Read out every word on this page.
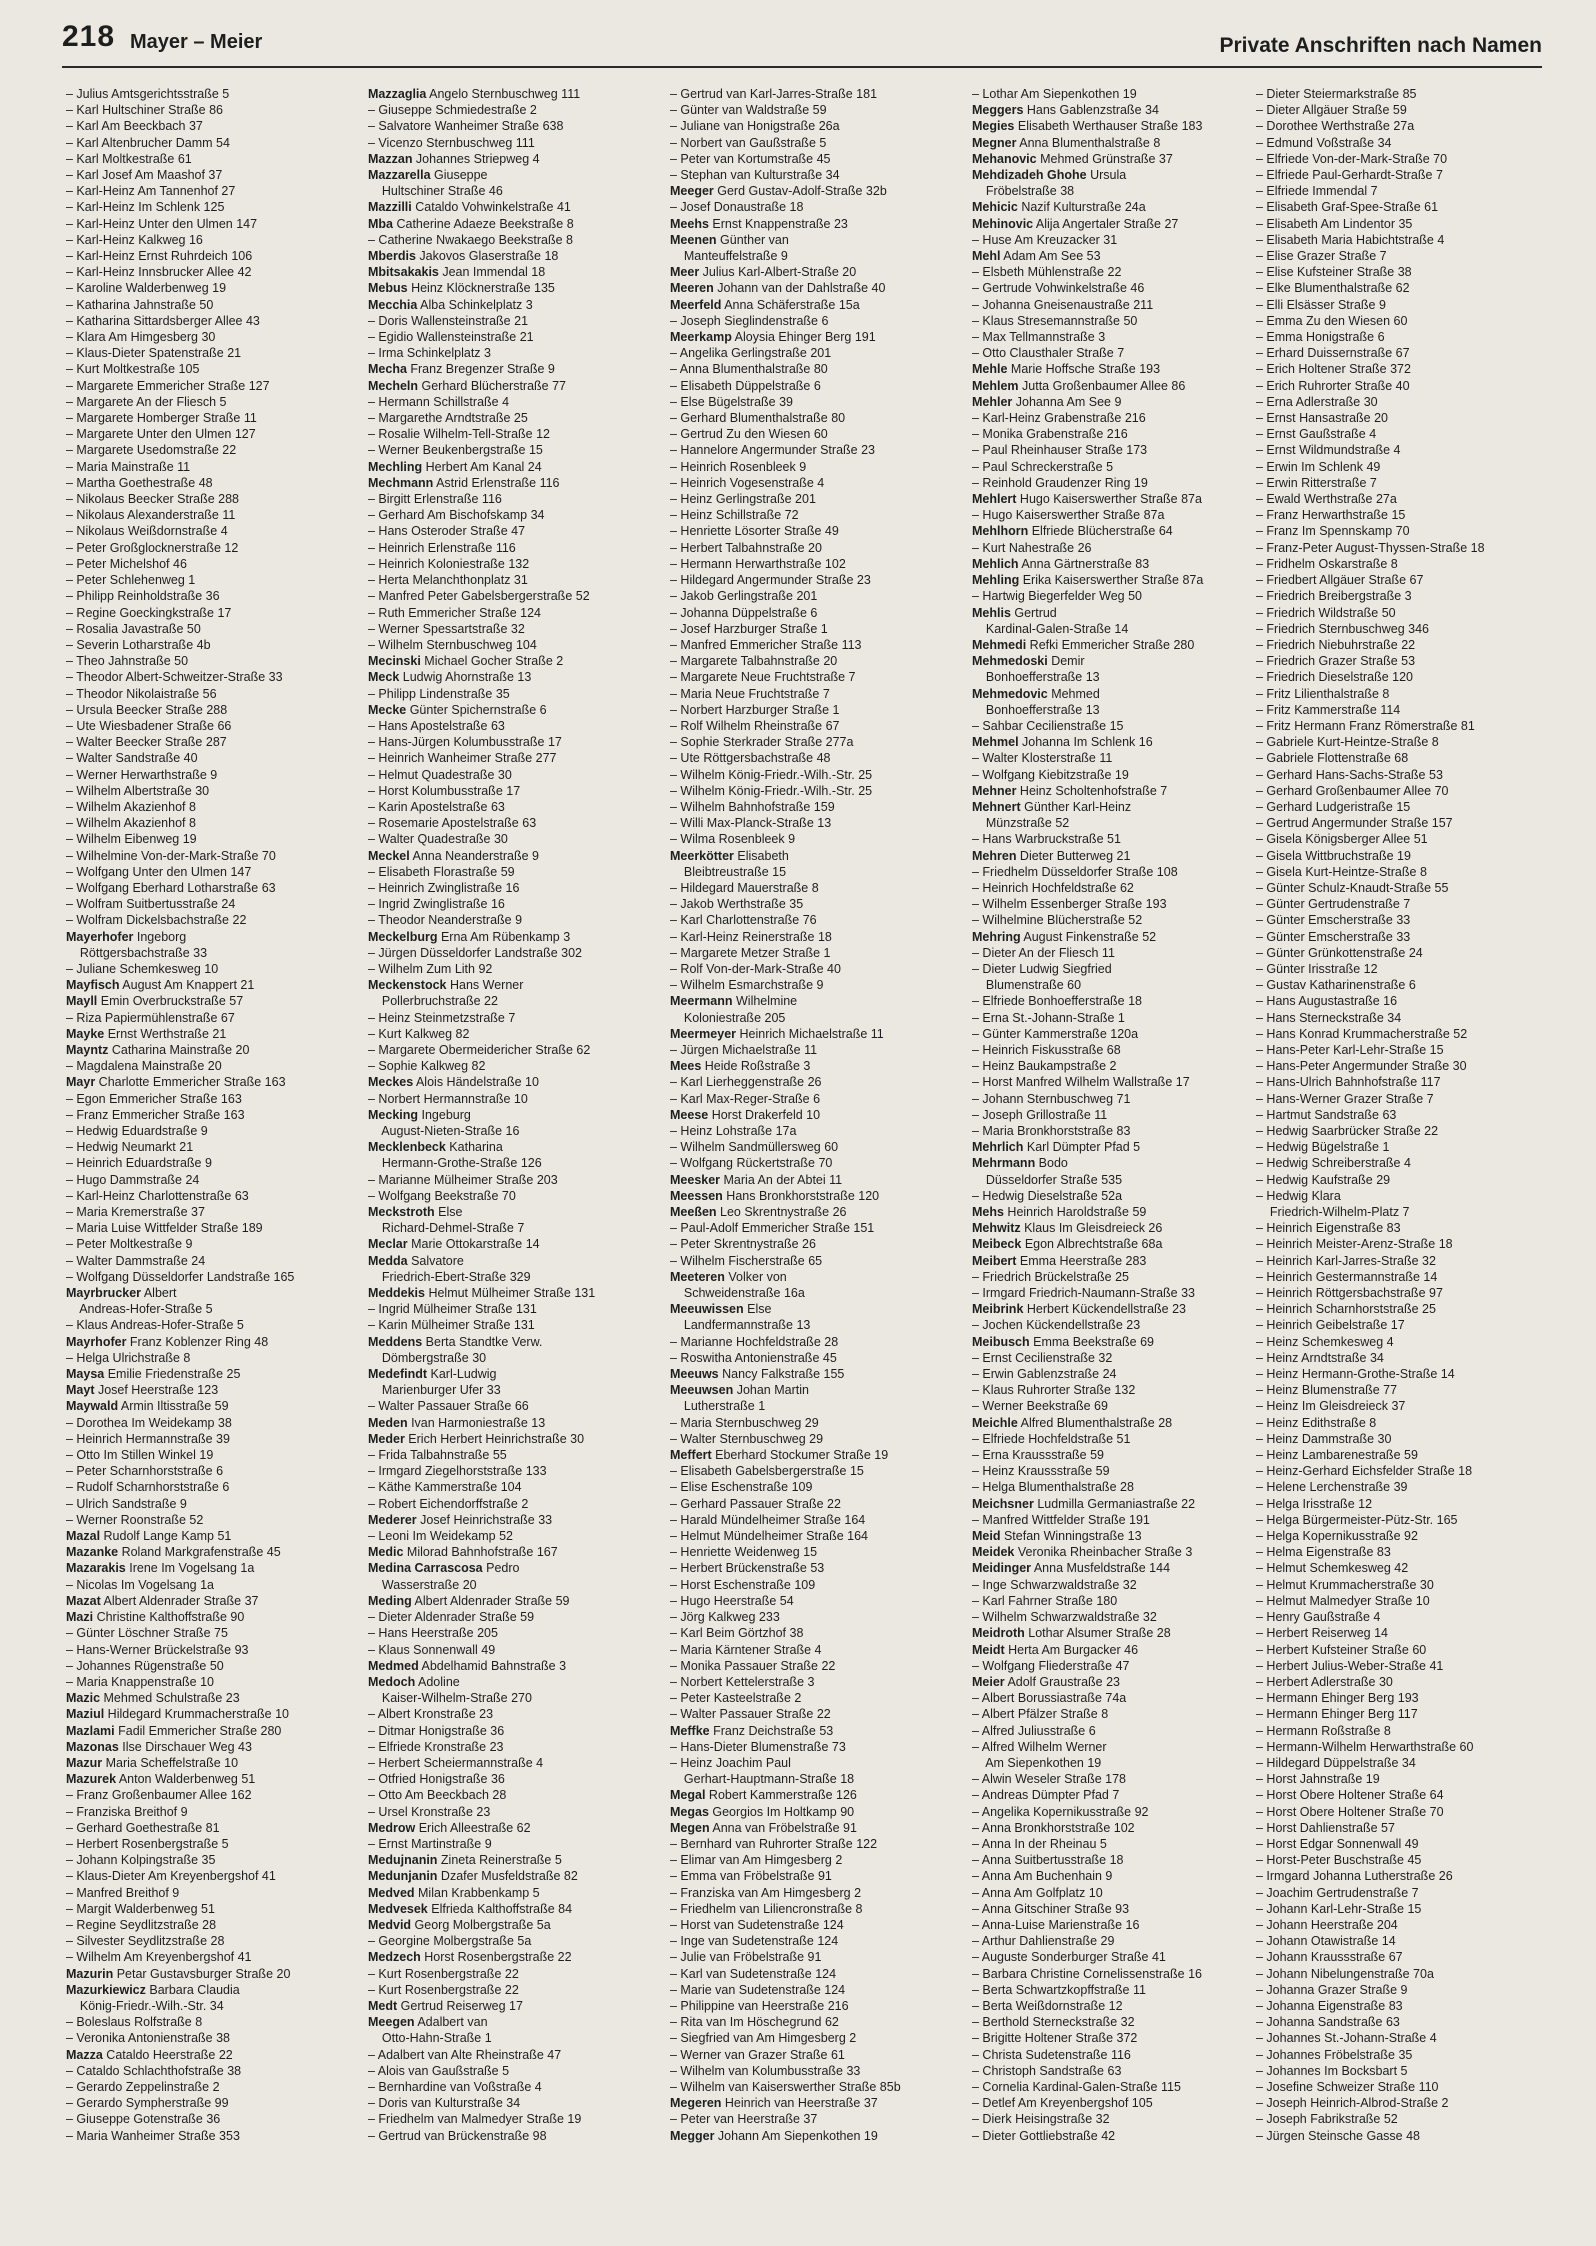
218 Mayer – Meier	Private Anschriften nach Namen
– Julius Amtsgerichtsstraße 5
– Karl Hultschiner Straße 86
– Karl Am Beeckbach 37
– Karl Altenbrucher Damm 54
– Karl Moltkestraße 61
– Karl Josef Am Maashof 37
– Karl-Heinz Am Tannenhof 27
– Karl-Heinz Im Schlenk 125
– Karl-Heinz Unter den Ulmen 147
– Karl-Heinz Kalkweg 16
– Karl-Heinz Ernst Ruhrdeich 106
– Karl-Heinz Innsbrucker Allee 42
– Karoline Walderbenweg 19
– Katharina Jahnstraße 50
– Katharina Sittardsberger Allee 43
– Klara Am Himgesberg 30
– Klaus-Dieter Spatenstraße 21
– Kurt Moltkestraße 105
– Margarete Emmericher Straße 127
– Margarete An der Fliesch 5
– Margarete Homberger Straße 11
– Margarete Unter den Ulmen 127
– Margarete Usedomstraße 22
– Maria Mainstraße 11
– Martha Goethestraße 48
– Nikolaus Beecker Straße 288
– Nikolaus Alexanderstraße 11
– Nikolaus Weißdornstraße 4
– Peter Großglocknerstraße 12
– Peter Michelshof 46
– Peter Schlehenweg 1
– Philipp Reinholdstraße 36
– Regine Goeckingkstraße 17
– Rosalia Javastraße 50
– Severin Lotharstraße 4b
– Theo Jahnstraße 50
– Theodor Albert-Schweitzer-Straße 33
– Theodor Nikolaistraße 56
– Ursula Beecker Straße 288
– Ute Wiesbadener Straße 66
– Walter Beecker Straße 287
– Walter Sandstraße 40
– Werner Herwarthstraße 9
– Wilhelm Albertstraße 30
– Wilhelm Akazienhof 8
– Wilhelm Akazienhof 8
– Wilhelm Eibenweg 19
– Wilhelmine Von-der-Mark-Straße 70
– Wolfgang Unter den Ulmen 147
– Wolfgang Eberhard Lotharstraße 63
– Wolfram Suitbertusstraße 24
– Wolfram Dickelsbachstraße 22
Mayerhofer Ingeborg
Röttgersbachstraße 33
– Juliane Schemkesweg 10
Mayfisch August Am Knappert 21
Mayll Emin Overbruckstraße 57
– Riza Papiermühlenstraße 67
Mayke Ernst Werthstraße 21
Mayntz Catharina Mainstraße 20
– Magdalena Mainstraße 20
Mayr Charlotte Emmericher Straße 163
– Egon Emmericher Straße 163
– Franz Emmericher Straße 163
– Hedwig Eduardstraße 9
– Hedwig Neumarkt 21
– Heinrich Eduardstraße 9
– Hugo Dammstraße 24
– Karl-Heinz Charlottenstraße 63
– Maria Kremerstraße 37
– Maria Luise Wittfelder Straße 189
– Peter Moltkestraße 9
– Walter Dammstraße 24
– Wolfgang Düsseldorfer Landstraße 165
Mayrbrucker Albert
Andreas-Hofer-Straße 5
– Klaus Andreas-Hofer-Straße 5
Mayrhofer Franz Koblenzer Ring 48
– Helga Ulrichstraße 8
Maysa Emilie Friedenstraße 25
Mayt Josef Heerstraße 123
Maywald Armin Iltisstraße 59
– Dorothea Im Weidekamp 38
– Heinrich Hermannstraße 39
– Otto Im Stillen Winkel 19
– Peter Scharnhorststraße 6
– Rudolf Scharnhorststraße 6
– Ulrich Sandstraße 9
– Werner Roonstraße 52
Mazal Rudolf Lange Kamp 51
Mazanke Roland Markgrafenstraße 45
Mazarakis Irene Im Vogelsang 1a
– Nicolas Im Vogelsang 1a
Mazat Albert Aldenrader Straße 37
Mazi Christine Kalthoffstraße 90
– Günter Löschner Straße 75
– Hans-Werner Brückelstraße 93
– Johannes Rügenstraße 50
– Maria Knappenstraße 10
Mazic Mehmed Schulstraße 23
Maziul Hildegard Krummacherstraße 10
Mazlami Fadil Emmericher Straße 280
Mazonas Ilse Dirschauer Weg 43
Mazur Maria Scheffelstraße 10
Mazurek Anton Walderbenweg 51
– Franz Großenbaumer Allee 162
– Franziska Breithof 9
– Gerhard Goethestraße 81
– Herbert Rosenbergstraße 5
– Johann Kolpingstraße 35
– Klaus-Dieter Am Kreyenbergshof 41
– Manfred Breithof 9
– Margit Walderbenweg 51
– Regine Seydlitzstraße 28
– Silvester Seydlitzstraße 28
– Wilhelm Am Kreyenbergshof 41
Mazurin Petar Gustavsburger Straße 20
Mazurkiewicz Barbara Claudia
König-Friedr.-Wilh.-Str. 34
– Boleslaus Rolfstraße 8
– Veronika Antonienstraße 38
Mazza Cataldo Heerstraße 22
– Cataldo Schlachthofstraße 38
– Gerardo Zeppelinstraße 2
– Gerardo Sympherstraße 99
– Giuseppe Gotenstraße 36
– Maria Wanheimer Straße 353
Mazzaglia Angelo Sternbuschweg 111
– Giuseppe Schmiedestraße 2
– Salvatore Wanheimer Straße 638
– Vicenzo Sternbuschweg 111
Mazzan Johannes Striepweg 4
Mazzarella Giuseppe
Hultschiner Straße 46
Mazzilli Cataldo Vohwinkelstraße 41
Mba Catherine Adaeze Beekstraße 8
– Catherine Nwakaego Beekstraße 8
Mberdis Jakovos Glaserstraße 18
Mbitsakakis Jean Immendal 18
Mebus Heinz Klöcknerstraße 135
Mecchia Alba Schinkelplatz 3
– Doris Wallensteinstraße 21
– Egidio Wallensteinstraße 21
– Irma Schinkelplatz 3
Mecha Franz Bregenzer Straße 9
Mecheln Gerhard Blücherstraße 77
– Hermann Schillstraße 4
– Margarethe Arndtstraße 25
– Rosalie Wilhelm-Tell-Straße 12
– Werner Beukenbergstraße 15
Mechling Herbert Am Kanal 24
Mechmann Astrid Erlenstraße 116
– Birgitt Erlenstraße 116
– Gerhard Am Bischofskamp 34
– Hans Osteroder Straße 47
– Heinrich Erlenstraße 116
– Heinrich Koloniestraße 132
– Herta Melanchthonplatz 31
– Manfred Peter Gabelsbergerstraße 52
– Ruth Emmericher Straße 124
– Werner Spessartstraße 32
– Wilhelm Sternbuschweg 104
Mecinski Michael Gocher Straße 2
Meck Ludwig Ahornstraße 13
– Philipp Lindenstraße 35
Mecke Günter Spichernstraße 6
– Hans Apostelstraße 63
– Hans-Jürgen Kolumbusstraße 17
– Heinrich Wanheimer Straße 277
– Helmut Quadestraße 30
– Horst Kolumbusstraße 17
– Karin Apostelstraße 63
– Rosemarie Apostelstraße 63
– Walter Quadestraße 30
Meckel Anna Neanderstraße 9
– Elisabeth Florastraße 59
– Heinrich Zwinglistraße 16
– Ingrid Zwinglistraße 16
– Theodor Neanderstraße 9
Meckelburg Erna Am Rübenkamp 3
– Jürgen Düsseldorfer Landstraße 302
– Wilhelm Zum Lith 92
Meckenstock Hans Werner
Pollerbruchstraße 22
– Heinz Steinmetzstraße 7
– Kurt Kalkweg 82
– Margarete Obermeidericher Straße 62
– Sophie Kalkweg 82
Meckes Alois Händelstraße 10
– Norbert Hermannstraße 10
Mecking Ingeburg
August-Nieten-Straße 16
Mecklenbeck Katharina
Hermann-Grothe-Straße 126
– Marianne Mülheimer Straße 203
– Wolfgang Beekstraße 70
Meckstroth Else
Richard-Dehmel-Straße 7
Meclar Marie Ottokarstraße 14
Medda Salvatore
Friedrich-Ebert-Straße 329
Meddekis Helmut Mülheimer Straße 131
– Ingrid Mülheimer Straße 131
– Karin Mülheimer Straße 131
Meddens Berta Standtke Verw.
Dömbergstraße 30
Medefindt Karl-Ludwig
Marienburger Ufer 33
– Walter Passauer Straße 66
Meden Ivan Harmoniestraße 13
Meder Erich Herbert Heinrichstraße 30
– Frida Talbahnstraße 55
– Irmgard Ziegelhorststraße 133
– Käthe Kammerstraße 104
– Robert Eichendorffstraße 2
Mederer Josef Heinrichstraße 33
– Leoni Im Weidekamp 52
Medic Milorad Bahnhofstraße 167
Medina Carrascosa Pedro
Wasserstraße 20
Meding Albert Aldenrader Straße 59
– Dieter Aldenrader Straße 59
– Hans Heerstraße 205
– Klaus Sonnenwall 49
Medmed Abdelhamid Bahnstraße 3
Medoch Adoline
Kaiser-Wilhelm-Straße 270
– Albert Kronstraße 23
– Ditmar Honigstraße 36
– Elfriede Kronstraße 23
– Herbert Scheiermannstraße 4
– Otfried Honigstraße 36
– Otto Am Beeckbach 28
– Ursel Kronstraße 23
Medrow Erich Alleestraße 62
– Ernst Martinstraße 9
Medujnanin Zineta Reinerstraße 5
Medunjanin Dzafer Musfeldstraße 82
Medved Milan Krabbenkamp 5
Medvesek Elfrieda Kalthoffstraße 84
Medvid Georg Molbergstraße 5a
– Georgine Molbergstraße 5a
Medzech Horst Rosenbergstraße 22
– Kurt Rosenbergstraße 22
– Kurt Rosenbergstraße 22
Medt Gertrud Reiserweg 17
Meegen Adalbert van
Otto-Hahn-Straße 1
– Adalbert van Alte Rheinstraße 47
– Alois van Gaußstraße 5
– Bernhardine van Voßstraße 4
– Doris van Kulturstraße 34
– Friedhelm van Malmedyer Straße 19
– Gertrud van Brückenstraße 98
– Gertrud van Karl-Jarres-Straße 181
– Günter van Waldstraße 59
– Juliane van Honigstraße 26a
– Norbert van Gaußstraße 5
– Peter van Kortumstraße 45
– Stephan van Kulturstraße 34
Meeger Gerd Gustav-Adolf-Straße 32b
– Josef Donaustraße 18
Meehs Ernst Knappenstraße 23
Meenen Günther van
Manteuffelstraße 9
Meer Julius Karl-Albert-Straße 20
Meeren Johann van der Dahlstraße 40
Meerfeld Anna Schäferstraße 15a
– Joseph Sieglindenstraße 6
Meerkamp Aloysia Ehinger Berg 191
– Angelika Gerlingstraße 201
– Anna Blumenthalstraße 80
– Elisabeth Düppelstraße 6
– Else Bügelstraße 39
– Gerhard Blumenthalstraße 80
– Gertrud Zu den Wiesen 60
– Hannelore Angermunder Straße 23
– Heinrich Rosenbleek 9
– Heinrich Vogesenstraße 4
– Heinz Gerlingstraße 201
– Heinz Schillstraße 72
– Henriette Lösorter Straße 49
– Herbert Talbahnstraße 20
– Hermann Herwarthstraße 102
– Hildegard Angermunder Straße 23
– Jakob Gerlingstraße 201
– Johanna Düppelstraße 6
– Josef Harzburger Straße 1
– Manfred Emmericher Straße 113
– Margarete Talbahnstraße 20
– Margarete Neue Fruchtstraße 7
– Maria Neue Fruchtstraße 7
– Norbert Harzburger Straße 1
– Rolf Wilhelm Rheinstraße 67
– Sophie Sterkrader Straße 277a
– Ute Röttgersbachstraße 48
– Wilhelm König-Friedr.-Wilh.-Str. 25
– Wilhelm König-Friedr.-Wilh.-Str. 25
– Wilhelm Bahnhofstraße 159
– Willi Max-Planck-Straße 13
– Wilma Rosenbleek 9
Meerkötter Elisabeth
Bleibtreustraße 15
– Hildegard Mauerstraße 8
– Jakob Werthstraße 35
– Karl Charlottenstraße 76
– Karl-Heinz Reinerstraße 18
– Margarete Metzer Straße 1
– Rolf Von-der-Mark-Straße 40
– Wilhelm Esmarchstraße 9
Meermann Wilhelmine
Koloniestraße 205
Meermeyer Heinrich Michaelstraße 11
– Jürgen Michaelstraße 11
Mees Heide Roßstraße 3
– Karl Lierheggenstraße 26
– Karl Max-Reger-Straße 6
Meese Horst Drakerfeld 10
– Heinz Lohstraße 17a
– Wilhelm Sandmüllersweg 60
– Wolfgang Rückertstraße 70
Meesker Maria An der Abtei 11
Meessen Hans Bronkhorststraße 120
Meeßen Leo Skrentnystraße 26
– Paul-Adolf Emmericher Straße 151
– Peter Skrentnystraße 26
– Wilhelm Fischerstraße 65
Meeteren Volker von
Schweidenstraße 16a
Meeuwissen Else
Landfermannstraße 13
– Marianne Hochfeldstraße 28
– Roswitha Antonienstraße 45
Meeuws Nancy Falkstraße 155
Meeuwsen Johan Martin
Lutherstraße 1
– Maria Sternbuschweg 29
– Walter Sternbuschweg 29
Meffert Eberhard Stockumer Straße 19
– Elisabeth Gabelsbergerstraße 15
– Elise Eschenstraße 109
– Gerhard Passauer Straße 22
– Harald Mündelheimer Straße 164
– Helmut Mündelheimer Straße 164
– Henriette Weidenweg 15
– Herbert Brückenstraße 53
– Horst Eschenstraße 109
– Hugo Heerstraße 54
– Jörg Kalkweg 233
– Karl Beim Görtzhof 38
– Maria Kärntener Straße 4
– Monika Passauer Straße 22
– Norbert Kettelerstraße 3
– Peter Kasteelstraße 2
– Walter Passauer Straße 22
Meffke Franz Deichstraße 53
– Hans-Dieter Blumenstraße 73
– Heinz Joachim Paul
Gerhart-Hauptmann-Straße 18
Megal Robert Kammerstraße 126
Megas Georgios Im Holtkamp 90
Megen Anna van Fröbelstraße 91
– Bernhard van Ruhrorter Straße 122
– Elimar van Am Himgesberg 2
– Emma van Fröbelstraße 91
– Franziska van Am Himgesberg 2
– Friedhelm van Liliencronstraße 8
– Horst van Sudetenstraße 124
– Inge van Sudetenstraße 124
– Julie van Fröbelstraße 91
– Karl van Sudetenstraße 124
– Marie van Sudetenstraße 124
– Philippine van Heerstraße 216
– Rita van Im Höschegrund 62
– Siegfried van Am Himgesberg 2
– Werner van Grazer Straße 61
– Wilhelm van Kolumbusstraße 33
– Wilhelm van Kaiserswerther Straße 85b
Megeren Heinrich van Heerstraße 37
– Peter van Heerstraße 37
Megger Johann Am Siepenkothen 19
– Lothar Am Siepenkothen 19
Meggers Hans Gablenzstraße 34
Megies Elisabeth Werthauser Straße 183
Megner Anna Blumenthalstraße 8
Mehanovic Mehmed Grünstraße 37
Mehdizadeh Ghohe Ursula
Fröbelstraße 38
Mehicic Nazif Kulturstraße 24a
Mehinovic Alija Angertaler Straße 27
– Huse Am Kreuzacker 31
Mehl Adam Am See 53
– Elsbeth Mühlenstraße 22
– Gertrude Vohwinkelstraße 46
– Johanna Gneisenaustraße 211
– Klaus Stresemannstraße 50
– Max Tellmannstraße 3
– Otto Clausthaler Straße 7
Mehle Marie Hoffsche Straße 193
Mehlem Jutta Großenbaumer Allee 86
Mehler Johanna Am See 9
– Karl-Heinz Grabenstraße 216
– Monika Grabenstraße 216
– Paul Rheinhauser Straße 173
– Paul Schreckerstraße 5
– Reinhold Graudenzer Ring 19
Mehlert Hugo Kaiserswerther Straße 87a
– Hugo Kaiserswerther Straße 87a
Mehlhorn Elfriede Blücherstraße 64
– Kurt Nahestraße 26
Mehlich Anna Gärtnerstraße 83
Mehling Erika Kaiserswerther Straße 87a
– Hartwig Biegerfelder Weg 50
Mehlis Gertrud
Kardinal-Galen-Straße 14
Mehmedi Refki Emmericher Straße 280
Mehmedoski Demir
Bonhoefferstraße 13
Mehmedovic Mehmed
Bonhoefferstraße 13
– Sahbar Cecilienstraße 15
Mehmel Johanna Im Schlenk 16
– Walter Klosterstraße 11
– Wolfgang Kiebitzstraße 19
Mehner Heinz Scholtenhofstraße 7
Mehnert Günther Karl-Heinz
Münzstraße 52
– Hans Warbruckstraße 51
Mehren Dieter Butterweg 21
– Friedhelm Düsseldorfer Straße 108
– Heinrich Hochfeldstraße 62
– Wilhelm Essenberger Straße 193
– Wilhelmine Blücherstraße 52
Mehring August Finkenstraße 52
– Dieter An der Fliesch 11
– Dieter Ludwig Siegfried
Blumenstraße 60
– Elfriede Bonhoefferstraße 18
– Erna St.-Johann-Straße 1
– Günter Kammerstraße 120a
– Heinrich Fiskusstraße 68
– Heinz Baukampstraße 2
– Horst Manfred Wilhelm Wallstraße 17
– Johann Sternbuschweg 71
– Joseph Grillostraße 11
– Maria Bronkhorststraße 83
Mehrlich Karl Dümpter Pfad 5
Mehrmann Bodo
Düsseldorfer Straße 535
– Hedwig Dieselstraße 52a
Mehs Heinrich Haroldstraße 59
Mehwitz Klaus Im Gleisdreieck 26
Meibeck Egon Albrechtstraße 68a
Meibert Emma Heerstraße 283
– Friedrich Brückelstraße 25
– Irmgard Friedrich-Naumann-Straße 33
Meibrink Herbert Kückendellstraße 23
– Jochen Kückendellstraße 23
Meibusch Emma Beekstraße 69
– Ernst Cecilienstraße 32
– Erwin Gablenzstraße 24
– Klaus Ruhrorter Straße 132
– Werner Beekstraße 69
Meichle Alfred Blumenthalstraße 28
– Elfriede Hochfeldstraße 51
– Erna Kraussstraße 59
– Heinz Kraussstraße 59
– Helga Blumenthalstraße 28
Meichsner Ludmilla Germaniastraße 22
– Manfred Wittfelder Straße 191
Meid Stefan Winningstraße 13
Meidek Veronika Rheinbacher Straße 3
Meidinger Anna Musfeldstraße 144
– Inge Schwarzwaldstraße 32
– Karl Fahrner Straße 180
– Wilhelm Schwarzwaldstraße 32
Meidroth Lothar Alsumer Straße 28
Meidt Herta Am Burgacker 46
– Wolfgang Fliederstraße 47
Meier Adolf Graustraße 23
– Albert Borussiastraße 74a
– Albert Pfälzer Straße 8
– Alfred Juliusstraße 6
– Alfred Wilhelm Werner
Am Siepenkothen 19
– Alwin Weseler Straße 178
– Andreas Dümpter Pfad 7
– Angelika Kopernikusstraße 92
– Anna Bronkhorststraße 102
– Anna In der Rheinau 5
– Anna Suitbertusstraße 18
– Anna Am Buchenhain 9
– Anna Am Golfplatz 10
– Anna Gitschiner Straße 93
– Anna-Luise Marienstraße 16
– Arthur Dahlienstraße 29
– Auguste Sonderburger Straße 41
– Barbara Christine Cornelissenstraße 16
– Berta Schwartzkopffstraße 11
– Berta Weißdornstraße 12
– Berthold Sterneckstraße 32
– Brigitte Holtener Straße 372
– Christa Sudetenstraße 116
– Christoph Sandstraße 63
– Cornelia Kardinal-Galen-Straße 115
– Detlef Am Kreyenbergshof 105
– Dierk Heisingstraße 32
– Dieter Gottliebstraße 42
– Dieter Steiermarkstraße 85
– Dieter Allgäuer Straße 59
– Dorothee Werthstraße 27a
– Edmund Voßstraße 34
– Elfriede Von-der-Mark-Straße 70
– Elfriede Paul-Gerhardt-Straße 7
– Elfriede Immendal 7
– Elisabeth Graf-Spee-Straße 61
– Elisabeth Am Lindentor 35
– Elisabeth Maria Habichtstraße 4
– Elise Grazer Straße 7
– Elise Kufsteiner Straße 38
– Elke Blumenthalstraße 62
– Elli Elsässer Straße 9
– Emma Zu den Wiesen 60
– Emma Honigstraße 6
– Erhard Duissernstraße 67
– Erich Holtener Straße 372
– Erich Ruhrorter Straße 40
– Erna Adlerstraße 30
– Ernst Hansastraße 20
– Ernst Gaußstraße 4
– Ernst Wildmundstraße 4
– Erwin Im Schlenk 49
– Erwin Ritterstraße 7
– Ewald Werthstraße 27a
– Franz Herwarthstraße 15
– Franz Im Spennskamp 70
– Franz-Peter August-Thyssen-Straße 18
– Fridhelm Oskarstraße 8
– Friedbert Allgäuer Straße 67
– Friedrich Breibergstraße 3
– Friedrich Wildstraße 50
– Friedrich Sternbuschweg 346
– Friedrich Niebuhrstraße 22
– Friedrich Grazer Straße 53
– Friedrich Dieselstraße 120
– Fritz Lilienthalstraße 8
– Fritz Kammerstraße 114
– Fritz Hermann Franz Römerstraße 81
– Gabriele Kurt-Heintze-Straße 8
– Gabriele Flottenstraße 68
– Gerhard Hans-Sachs-Straße 53
– Gerhard Großenbaumer Allee 70
– Gerhard Ludgeristraße 15
– Gertrud Angermunder Straße 157
– Gisela Königsberger Allee 51
– Gisela Wittbruchstraße 19
– Gisela Kurt-Heintze-Straße 8
– Günter Schulz-Knaudt-Straße 55
– Günter Gertrudenstraße 7
– Günter Emscherstraße 33
– Günter Emscherstraße 33
– Günter Grünkottenstraße 24
– Günter Irisstraße 12
– Gustav Katharinenstraße 6
– Hans Augustastraße 16
– Hans Sterneckstraße 34
– Hans Konrad Krummacherstraße 52
– Hans-Peter Karl-Lehr-Straße 15
– Hans-Peter Angermunder Straße 30
– Hans-Ulrich Bahnhofstraße 117
– Hans-Werner Grazer Straße 7
– Hartmut Sandstraße 63
– Hedwig Saarbrücker Straße 22
– Hedwig Bügelstraße 1
– Hedwig Schreiberstraße 4
– Hedwig Kaufstraße 29
– Hedwig Klara
Friedrich-Wilhelm-Platz 7
– Heinrich Eigenstraße 83
– Heinrich Meister-Arenz-Straße 18
– Heinrich Karl-Jarres-Straße 32
– Heinrich Gestermannstraße 14
– Heinrich Röttgersbachstraße 97
– Heinrich Scharnhorststraße 25
– Heinrich Geibelstraße 17
– Heinz Schemkesweg 4
– Heinz Arndtstraße 34
– Heinz Hermann-Grothe-Straße 14
– Heinz Blumenstraße 77
– Heinz Im Gleisdreieck 37
– Heinz Edithstraße 8
– Heinz Dammstraße 30
– Heinz Lambarenestraße 59
– Heinz-Gerhard Eichsfelder Straße 18
– Helene Lerchenstraße 39
– Helga Irisstraße 12
– Helga Bürgermeister-Pütz-Str. 165
– Helga Kopernikusstraße 92
– Helma Eigenstraße 83
– Helmut Schemkesweg 42
– Helmut Krummacherstraße 30
– Helmut Malmedyer Straße 10
– Henry Gaußstraße 4
– Herbert Reiserweg 14
– Herbert Kufsteiner Straße 60
– Herbert Julius-Weber-Straße 41
– Herbert Adlerstraße 30
– Hermann Ehinger Berg 193
– Hermann Ehinger Berg 117
– Hermann Roßstraße 8
– Hermann-Wilhelm Herwarthstraße 60
– Hildegard Düppelstraße 34
– Horst Jahnstraße 19
– Horst Obere Holtener Straße 64
– Horst Obere Holtener Straße 70
– Horst Dahlienstraße 57
– Horst Edgar Sonnenwall 49
– Horst-Peter Buschstraße 45
– Irmgard Johanna Lutherstraße 26
– Joachim Gertrudenstraße 7
– Johann Karl-Lehr-Straße 15
– Johann Heerstraße 204
– Johann Otawistraße 14
– Johann Kraussstraße 67
– Johann Nibelungenstraße 70a
– Johanna Grazer Straße 9
– Johanna Eigenstraße 83
– Johanna Sandstraße 63
– Johannes St.-Johann-Straße 4
– Johannes Fröbelstraße 35
– Johannes Im Bocksbart 5
– Josefine Schweizer Straße 110
– Joseph Heinrich-Albrod-Straße 2
– Joseph Fabrikstraße 52
– Jürgen Steinsche Gasse 48
